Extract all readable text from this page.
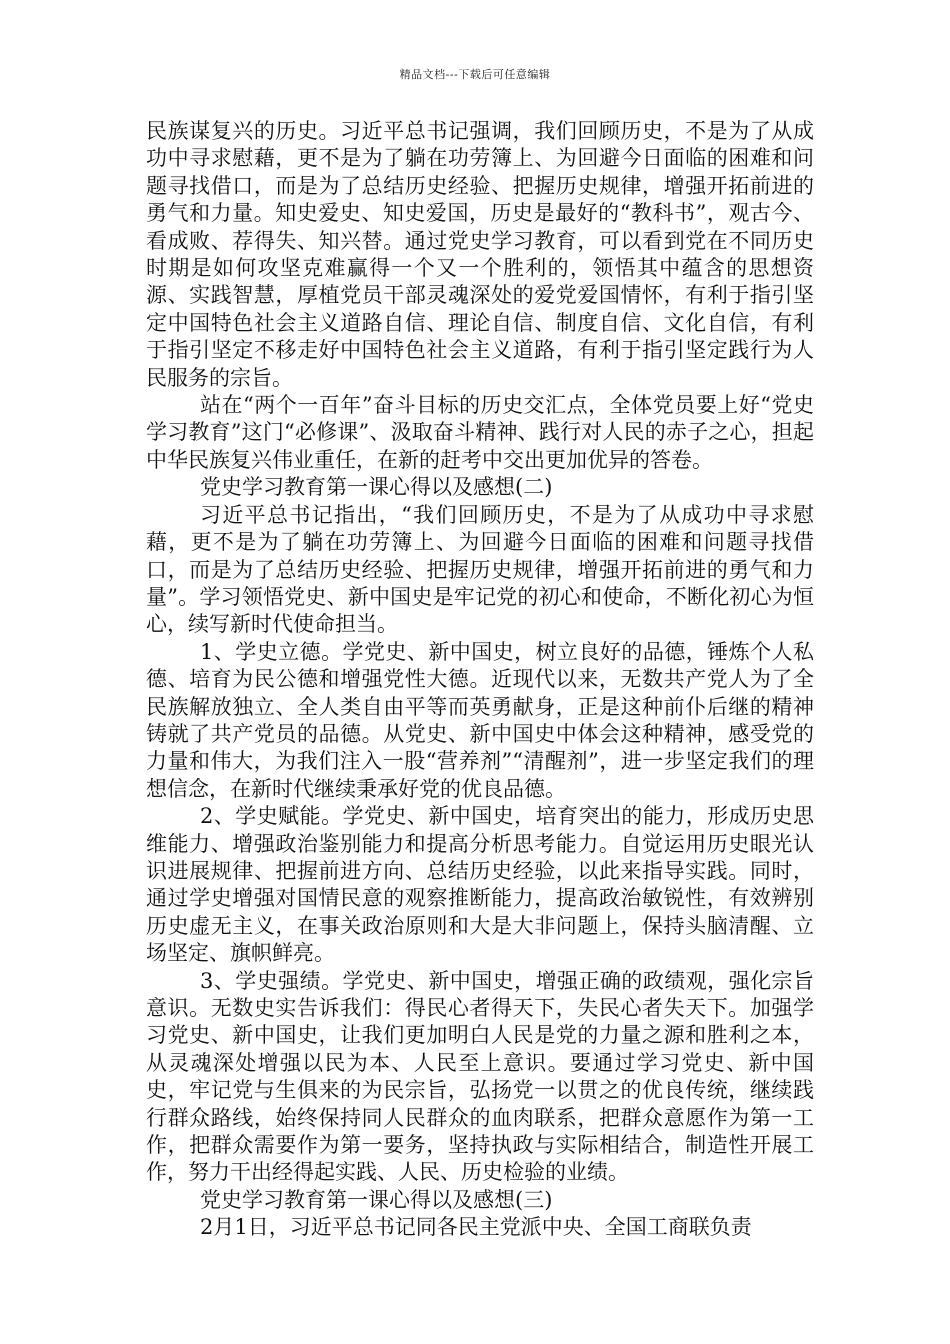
精品文档---下载后可任意编辑

民族谋复兴的历史。习近平总书记强调，我们回顾历史，不是为了从成功中寻求慰藉，更不是为了躺在功劳簿上、为回避今日面临的困难和问题寻找借口，而是为了总结历史经验、把握历史规律，增强开拓前进的勇气和力量。知史爱史、知史爱国，历史是最好的“教科书”，观古今、看成败、荐得失、知兴替。通过党史学习教育，可以看到党在不同历史时期是如何攻坚克难赢得一个又一个胜利的，领悟其中蕴含的思想资源、实践智慧，厚植党员干部灵魂深处的爱党爱国情怀，有利于指引坚定中国特色社会主义道路自信、理论自信、制度自信、文化自信，有利于指引坚定不移走好中国特色社会主义道路，有利于指引坚定践行为人民服务的宗旨。

站在“两个一百年”奋斗目标的历史交汇点，全体党员要上好“党史学习教育”这门“必修课”、汲取奋斗精神、践行对人民的赤子之心，担起中华民族复兴伟业重任，在新的赶考中交出更加优异的答卷。

党史学习教育第一课心得以及感想(二)

习近平总书记指出，“我们回顾历史，不是为了从成功中寻求慰藉，更不是为了躺在功劳簿上、为回避今日面临的困难和问题寻找借口，而是为了总结历史经验、把握历史规律，增强开拓前进的勇气和力量”。学习领悟党史、新中国史是牢记党的初心和使命，不断化初心为恒心，续写新时代使命担当。

1、学史立德。学党史、新中国史，树立良好的品德，锤炼个人私德、培育为民公德和增强党性大德。近现代以来，无数共产党人为了全民族解放独立、全人类自由平等而英勇献身，正是这种前仆后继的精神铸就了共产党员的品德。从党史、新中国史中体会这种精神，感受党的力量和伟大，为我们注入一股“营养剂”“清醒剂”，进一步坚定我们的理想信念，在新时代继续秉承好党的优良品德。

2、学史赋能。学党史、新中国史，培育突出的能力，形成历史思维能力、增强政治鉴别能力和提高分析思考能力。自觉运用历史眼光认识进展规律、把握前进方向、总结历史经验，以此来指导实践。同时，通过学史增强对国情民意的观察推断能力，提高政治敏锐性，有效辨别历史虚无主义，在事关政治原则和大是大非问题上，保持头脑清醒、立场坚定、旗帜鲜亮。

3、学史强绩。学党史、新中国史，增强正确的政绩观，强化宗旨意识。无数史实告诉我们：得民心者得天下，失民心者失天下。加强学习党史、新中国史，让我们更加明白人民是党的力量之源和胜利之本，从灵魂深处增强以民为本、人民至上意识。要通过学习党史、新中国史，牢记党与生俱来的为民宗旨，弘扬党一以贯之的优良传统，继续践行群众路线，始终保持同人民群众的血肉联系，把群众意愿作为第一工作，把群众需要作为第一要务，坚持执政与实际相结合，制造性开展工作，努力干出经得起实践、人民、历史检验的业绩。

党史学习教育第一课心得以及感想(三)

2月1日，习近平总书记同各民主党派中央、全国工商联负责
